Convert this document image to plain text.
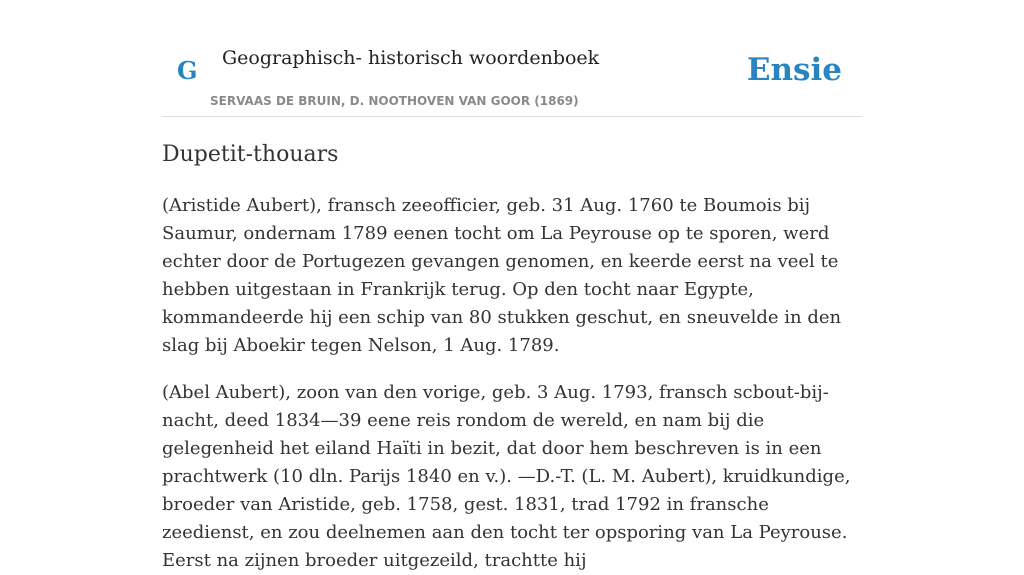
G Geographisch- historisch woordenboek
SERVAAS DE BRUIN, D. NOOTHOVEN VAN GOOR (1869)
Ensie
Dupetit-thouars

(Aristide Aubert), fransch zeeofficier, geb. 31 Aug. 1760 te Boumois bij Saumur, ondernam 1789 eenen tocht om La Peyrouse op te sporen, werd echter door de Portugezen gevangen genomen, en keerde eerst na veel te hebben uitgestaan in Frankrijk terug. Op den tocht naar Egypte, kommandeerde hij een schip van 80 stukken geschut, en sneuvelde in den slag bij Aboekir tegen Nelson, 1 Aug. 1789.

(Abel Aubert), zoon van den vorige, geb. 3 Aug. 1793, fransch scbout-bij-nacht, deed 1834—39 eene reis rondom de wereld, en nam bij die gelegenheid het eiland Haïti in bezit, dat door hem beschreven is in een prachtwerk (10 dln. Parijs 1840 en v.). —D.-T. (L. M. Aubert), kruidkundige, broeder van Aristide, geb. 1758, gest. 1831, trad 1792 in fransche zeedienst, en zou deelnemen aan den tocht ter opsporing van La Peyrouse. Eerst na zijnen broeder uitgezeild, trachtte hij
